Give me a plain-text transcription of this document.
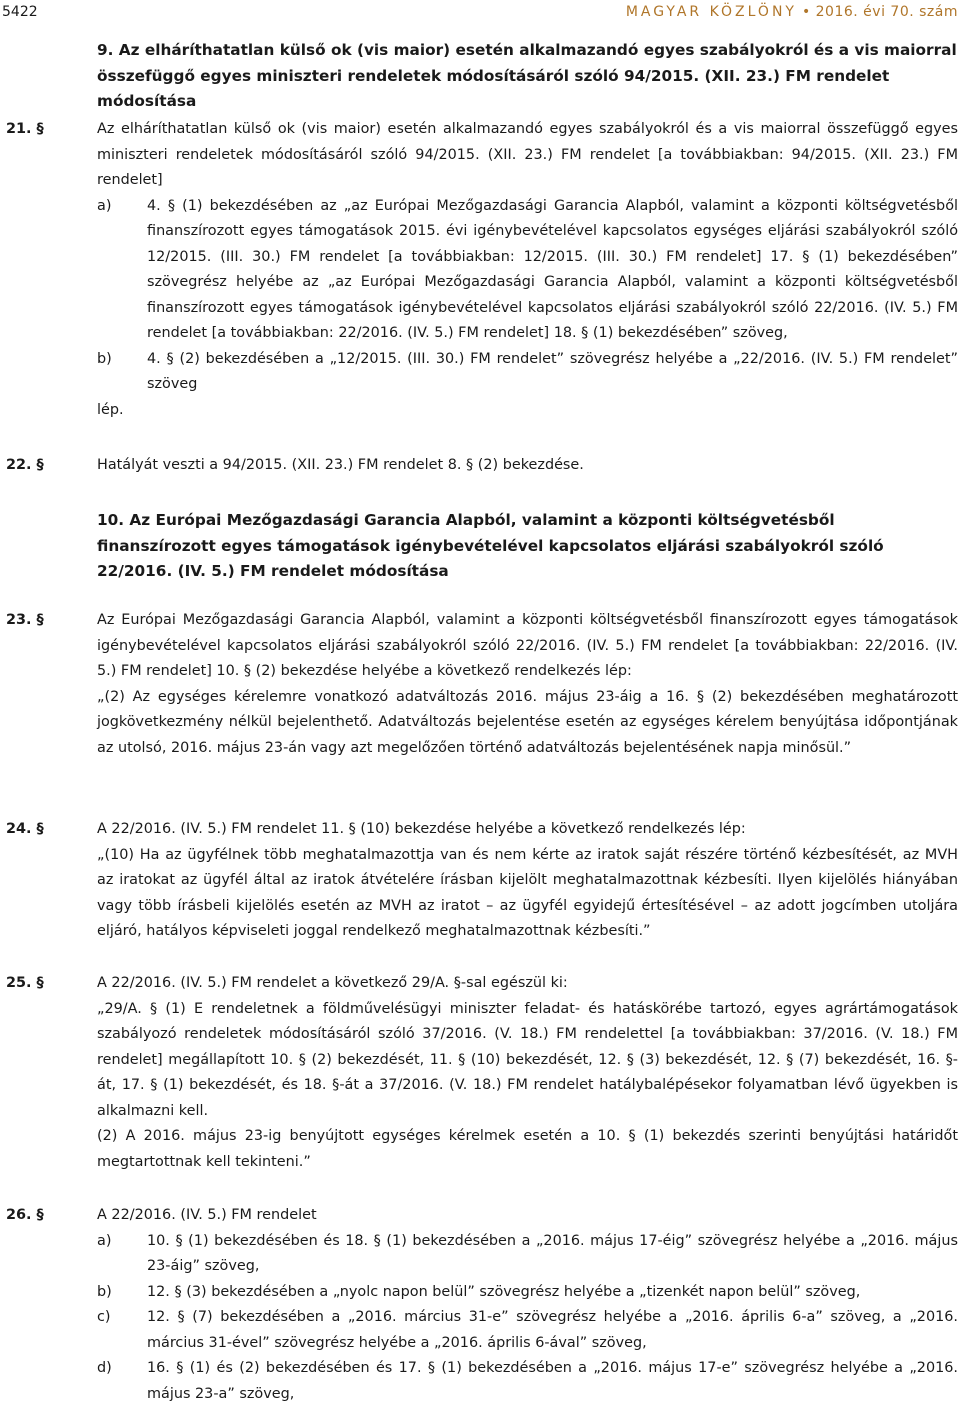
5422	MAGYAR KÖZLÖNY • 2016. évi 70. szám

9. Az elháríthatatlan külső ok (vis maior) esetén alkalmazandó egyes szabályokról és a vis maiorral összefüggő egyes miniszteri rendeletek módosításáról szóló 94/2015. (XII. 23.) FM rendelet módosítása

21. §	Az elháríthatatlan külső ok (vis maior) esetén alkalmazandó egyes szabályokról és a vis maiorral összefüggő egyes miniszteri rendeletek módosításáról szóló 94/2015. (XII. 23.) FM rendelet [a továbbiakban: 94/2015. (XII. 23.) FM rendelet]
a) 4. § (1) bekezdésében az „az Európai Mezőgazdasági Garancia Alapból, valamint a központi költségvetésből finanszírozott egyes támogatások 2015. évi igénybevételével kapcsolatos egységes eljárási szabályokról szóló 12/2015. (III. 30.) FM rendelet [a továbbiakban: 12/2015. (III. 30.) FM rendelet] 17. § (1) bekezdésében” szövegrész helyébe az „az Európai Mezőgazdasági Garancia Alapból, valamint a központi költségvetésből finanszírozott egyes támogatások igénybevételével kapcsolatos eljárási szabályokról szóló 22/2016. (IV. 5.) FM rendelet [a továbbiakban: 22/2016. (IV. 5.) FM rendelet] 18. § (1) bekezdésében” szöveg,
b) 4. § (2) bekezdésében a „12/2015. (III. 30.) FM rendelet” szövegrész helyébe a „22/2016. (IV. 5.) FM rendelet” szöveg
lép.
22. §	Hatályát veszti a 94/2015. (XII. 23.) FM rendelet 8. § (2) bekezdése.

10. Az Európai Mezőgazdasági Garancia Alapból, valamint a központi költségvetésből finanszírozott egyes támogatások igénybevételével kapcsolatos eljárási szabályokról szóló 22/2016. (IV. 5.) FM rendelet módosítása

23. §	Az Európai Mezőgazdasági Garancia Alapból, valamint a központi költségvetésből finanszírozott egyes támogatások igénybevételével kapcsolatos eljárási szabályokról szóló 22/2016. (IV. 5.) FM rendelet [a továbbiakban: 22/2016. (IV. 5.) FM rendelet] 10. § (2) bekezdése helyébe a következő rendelkezés lép:
„(2) Az egységes kérelemre vonatkozó adatváltozás 2016. május 23-áig a 16. § (2) bekezdésében meghatározott jogkövetkezmény nélkül bejelenthető. Adatváltozás bejelentése esetén az egységes kérelem benyújtása időpontjának az utolsó, 2016. május 23-án vagy azt megelőzően történő adatváltozás bejelentésének napja minősül.”
24. §	A 22/2016. (IV. 5.) FM rendelet 11. § (10) bekezdése helyébe a következő rendelkezés lép:
„(10) Ha az ügyfélnek több meghatalmazottja van és nem kérte az iratok saját részére történő kézbesítését, az MVH az iratokat az ügyfél által az iratok átvételére írásban kijelölt meghatalmazottnak kézbesíti. Ilyen kijelölés hiányában vagy több írásbeli kijelölés esetén az MVH az iratot – az ügyfél egyidejű értesítésével – az adott jogcímben utoljára eljáró, hatályos képviseleti joggal rendelkező meghatalmazottnak kézbesíti.”
25. §	A 22/2016. (IV. 5.) FM rendelet a következő 29/A. §-sal egészül ki:
„29/A. § (1) E rendeletnek a földművelésügyi miniszter feladat- és hatáskörébe tartozó, egyes agrártámogatások szabályozó rendeletek módosításáról szóló 37/2016. (V. 18.) FM rendelettel [a továbbiakban: 37/2016. (V. 18.) FM rendelet] megállapított 10. § (2) bekezdését, 11. § (10) bekezdését, 12. § (3) bekezdését, 12. § (7) bekezdését, 16. §-át, 17. § (1) bekezdését, és 18. §-át a 37/2016. (V. 18.) FM rendelet hatálybalépésekor folyamatban lévő ügyekben is alkalmazni kell.
(2) A 2016. május 23-ig benyújtott egységes kérelmek esetén a 10. § (1) bekezdés szerinti benyújtási határidőt megtartottnak kell tekinteni.”
26. §	A 22/2016. (IV. 5.) FM rendelet
a) 10. § (1) bekezdésében és 18. § (1) bekezdésében a „2016. május 17-éig” szövegrész helyébe a „2016. május 23-áig” szöveg,
b) 12. § (3) bekezdésében a „nyolc napon belül” szövegrész helyébe a „tizenkét napon belül” szöveg,
c)	12. § (7) bekezdésében a „2016. március 31-e” szövegrész helyébe a „2016. április 6-a” szöveg, a „2016. március 31-ével” szövegrész helyébe a „2016. április 6-ával” szöveg,
d) 16. § (1) és (2) bekezdésében és 17. § (1) bekezdésében a „2016. május 17-e” szövegrész helyébe a „2016. május 23-a” szöveg,
